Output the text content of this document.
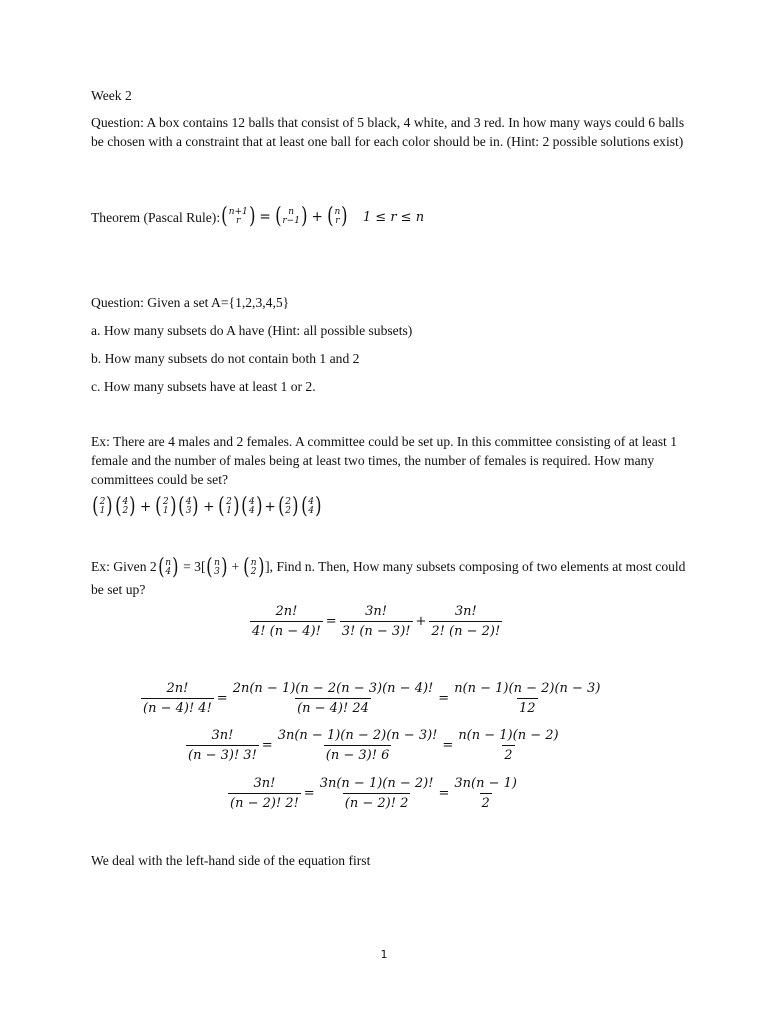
Week 2

Question: A box contains 12 balls that consist of 5 black, 4 white, and 3 red. In how many ways could 6 balls be chosen with a constraint that at least one ball for each color should be in. (Hint: 2 possible solutions exist)

Theorem (Pascal Rule): ( n+1
r ) = ( n
r−1 ) + ( n
r ) 1 ≤ r ≤ n

Question: Given a set A={1,2,3,4,5}

a. How many subsets do A have (Hint: all possible subsets)

b. How many subsets do not contain both 1 and 2

c. How many subsets have at least 1 or 2.

Ex: There are 4 males and 2 females. A committee could be set up. In this committee consisting of at least 1 female and the number of males being at least two times, the number of females is required. How many committees could be set?

( 2
1 ) ( 4
2 ) + ( 2
1 ) ( 4
3 ) + ( 2
1 ) ( 4
4 ) + ( 2
2 ) ( 4
4 )
Ex: Given 2 ( n
4 ) = 3[ ( n
3 ) + ( n
2 ) ], Find n. Then, How many subsets composing of two elements at most could be set up?
$\frac{2n!}{4! (n - 4)!} = \frac{3n!}{3! (n - 3)!} + \frac{3n!}{2! (n - 2)!}$
$\frac{2n!}{(n - 4)! 4!} = \frac{2n(n - 1)(n - 2(n - 3)(n - 4)!}{(n - 4)! 24} = \frac{n(n - 1)(n - 2)(n - 3)}{12}$
$\frac{3n!}{(n - 3)! 3!} = \frac{3n(n - 1)(n - 2)(n - 3)!}{(n - 3)! 6} = \frac{n(n - 1)(n - 2)}{2}$
$\frac{3n!}{(n - 2)! 2!} = \frac{3n(n - 1)(n - 2)!}{(n - 2)! 2} = \frac{3n(n - 1)}{2}$

We deal with the left-hand side of the equation first

1
